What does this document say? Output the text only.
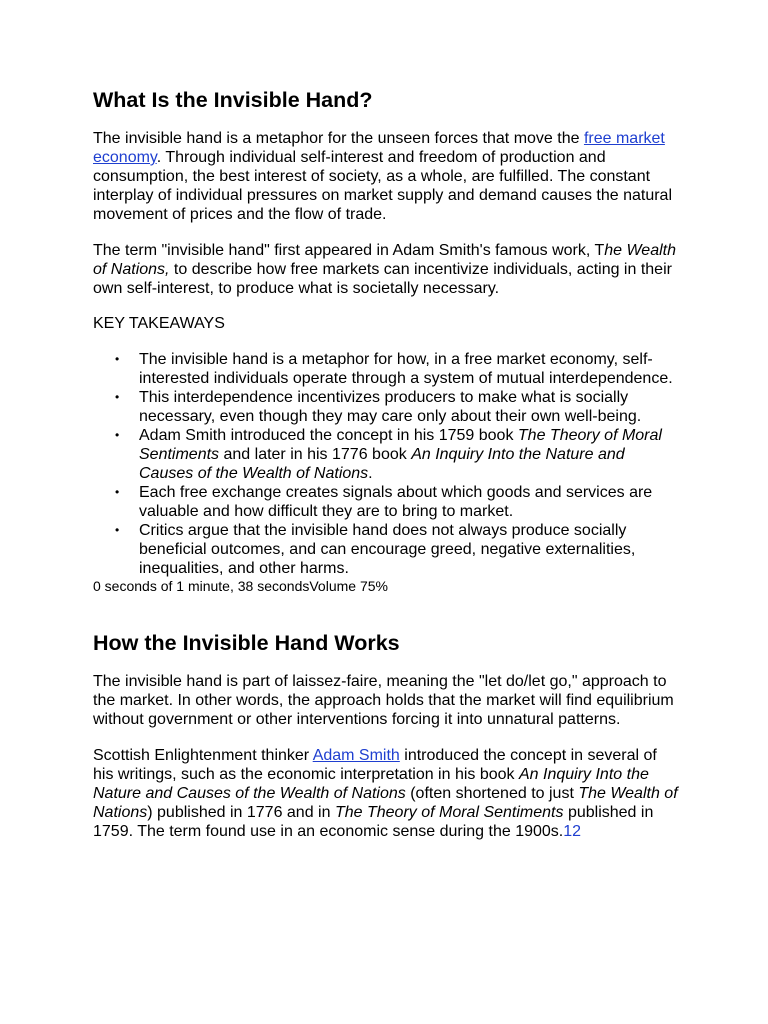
What Is the Invisible Hand?

The invisible hand is a metaphor for the unseen forces that move the free market economy. Through individual self-interest and freedom of production and consumption, the best interest of society, as a whole, are fulfilled. The constant interplay of individual pressures on market supply and demand causes the natural movement of prices and the flow of trade.

The term "invisible hand" first appeared in Adam Smith's famous work, The Wealth of Nations, to describe how free markets can incentivize individuals, acting in their own self-interest, to produce what is societally necessary.

KEY TAKEAWAYS

• The invisible hand is a metaphor for how, in a free market economy, self-interested individuals operate through a system of mutual interdependence.
• This interdependence incentivizes producers to make what is socially necessary, even though they may care only about their own well-being.
• Adam Smith introduced the concept in his 1759 book The Theory of Moral Sentiments and later in his 1776 book An Inquiry Into the Nature and Causes of the Wealth of Nations.
• Each free exchange creates signals about which goods and services are valuable and how difficult they are to bring to market.
• Critics argue that the invisible hand does not always produce socially beneficial outcomes, and can encourage greed, negative externalities, inequalities, and other harms.

0 seconds of 1 minute, 38 secondsVolume 75%

How the Invisible Hand Works

The invisible hand is part of laissez-faire, meaning the "let do/let go," approach to the market. In other words, the approach holds that the market will find equilibrium without government or other interventions forcing it into unnatural patterns.

Scottish Enlightenment thinker Adam Smith introduced the concept in several of his writings, such as the economic interpretation in his book An Inquiry Into the Nature and Causes of the Wealth of Nations (often shortened to just The Wealth of Nations) published in 1776 and in The Theory of Moral Sentiments published in 1759. The term found use in an economic sense during the 1900s.12
